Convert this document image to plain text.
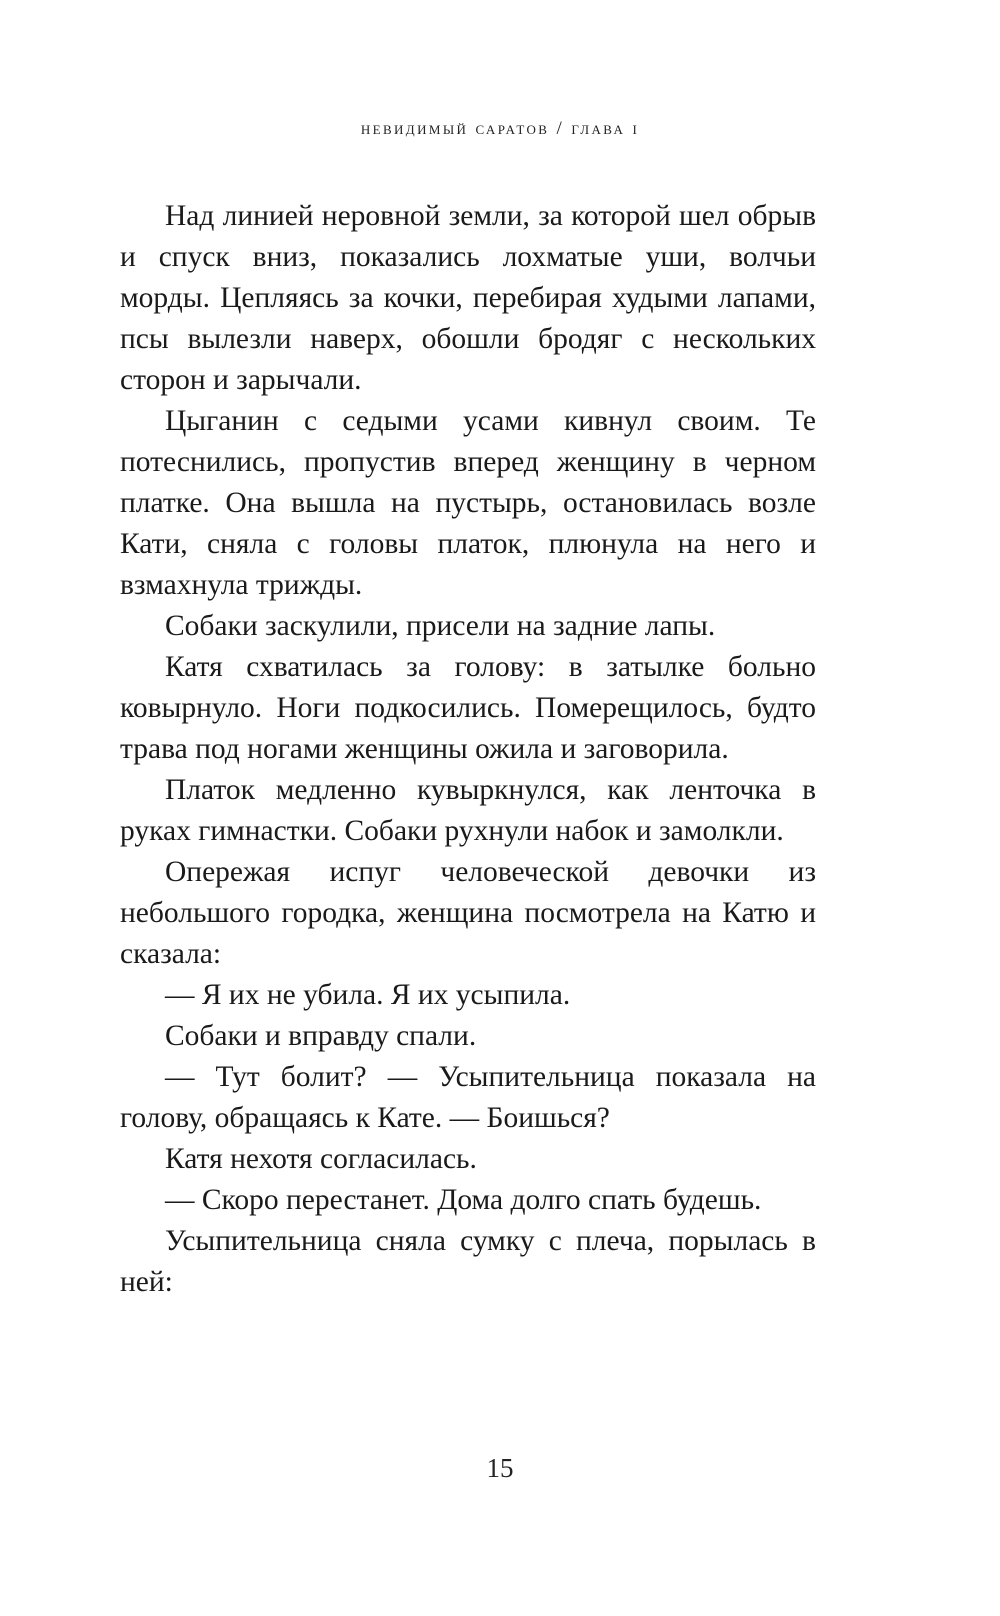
невидимый саратов / глава i

Над линией неровной земли, за которой шел обрыв и спуск вниз, показались лохматые уши, волчьи морды. Цепляясь за кочки, перебирая худыми лапами, псы вылезли наверх, обошли бродяг с нескольких сторон и зарычали.

Цыганин с седыми усами кивнул своим. Те потеснились, пропустив вперед женщину в черном платке. Она вышла на пустырь, остановилась возле Кати, сняла с головы платок, плюнула на него и взмахнула трижды.

Собаки заскулили, присели на задние лапы.

Катя схватилась за голову: в затылке больно ковырнуло. Ноги подкосились. Померещилось, будто трава под ногами женщины ожила и заговорила.

Платок медленно кувыркнулся, как ленточка в руках гимнастки. Собаки рухнули набок и замолкли.

Опережая испуг человеческой девочки из небольшого городка, женщина посмотрела на Катю и сказала:

— Я их не убила. Я их усыпила.

Собаки и вправду спали.

— Тут болит? — Усыпительница показала на голову, обращаясь к Кате. — Боишься?

Катя нехотя согласилась.

— Скоро перестанет. Дома долго спать будешь.

Усыпительница сняла сумку с плеча, порылась в ней:

15
